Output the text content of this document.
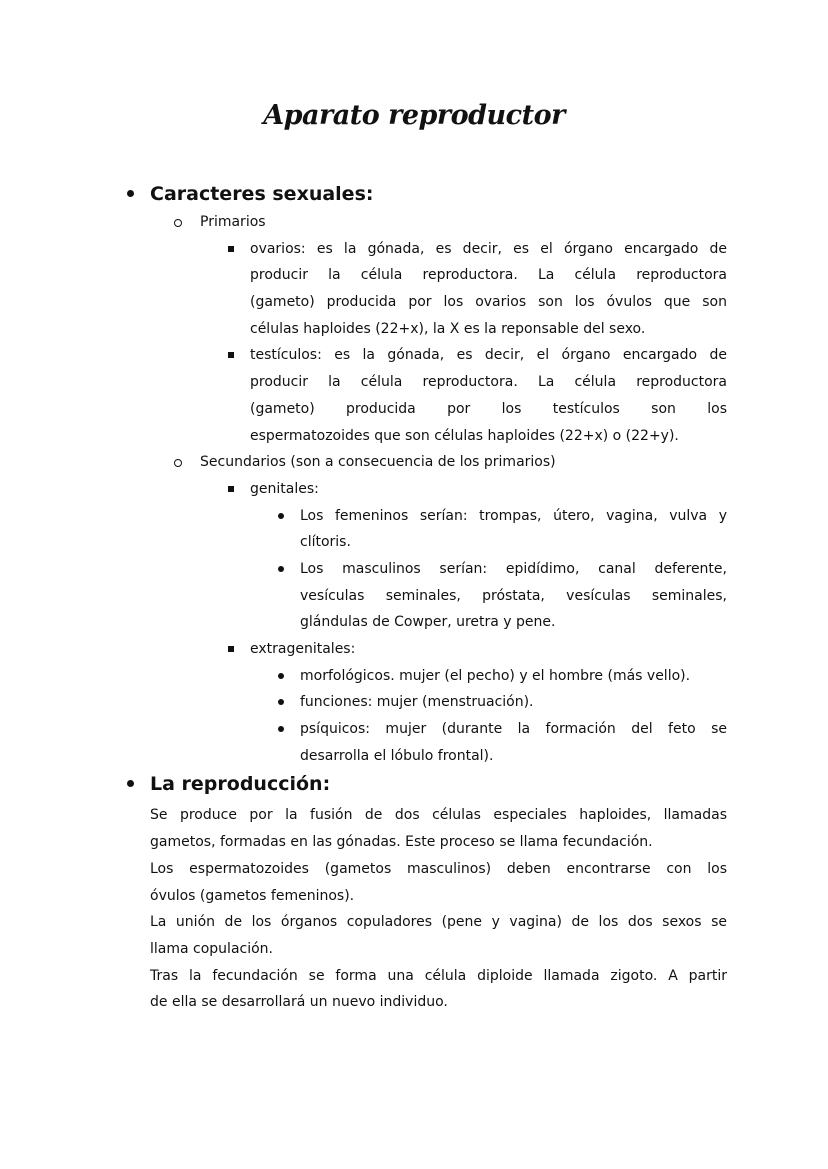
Aparato reproductor
Caracteres sexuales:
Primarios
ovarios: es la gónada, es decir, es el órgano encargado de
producir la célula reproductora. La célula reproductora
(gameto) producida por los ovarios son los óvulos que son
células haploides (22+x), la X es la reponsable del sexo.
testículos: es la gónada, es decir, el órgano encargado de
producir la célula reproductora. La célula reproductora
(gameto) producida por los testículos son los
espermatozoides que son células haploides (22+x) o (22+y).
Secundarios (son a consecuencia de los primarios)
genitales:
Los femeninos serían: trompas, útero, vagina, vulva y
clítoris.
Los masculinos serían: epidídimo, canal deferente,
vesículas seminales, próstata, vesículas seminales,
glándulas de Cowper, uretra y pene.
extragenitales:
morfológicos. mujer (el pecho) y el hombre (más vello).
funciones: mujer (menstruación).
psíquicos: mujer (durante la formación del feto se
desarrolla el lóbulo frontal).
La reproducción:
Se produce por la fusión de dos células especiales haploides, llamadas
gametos, formadas en las gónadas. Este proceso se llama fecundación.
Los espermatozoides (gametos masculinos) deben encontrarse con los
óvulos (gametos femeninos).
La unión de los órganos copuladores (pene y vagina) de los dos sexos se
llama copulación.
Tras la fecundación se forma una célula diploide llamada zigoto. A partir
de ella se desarrollará un nuevo individuo.
